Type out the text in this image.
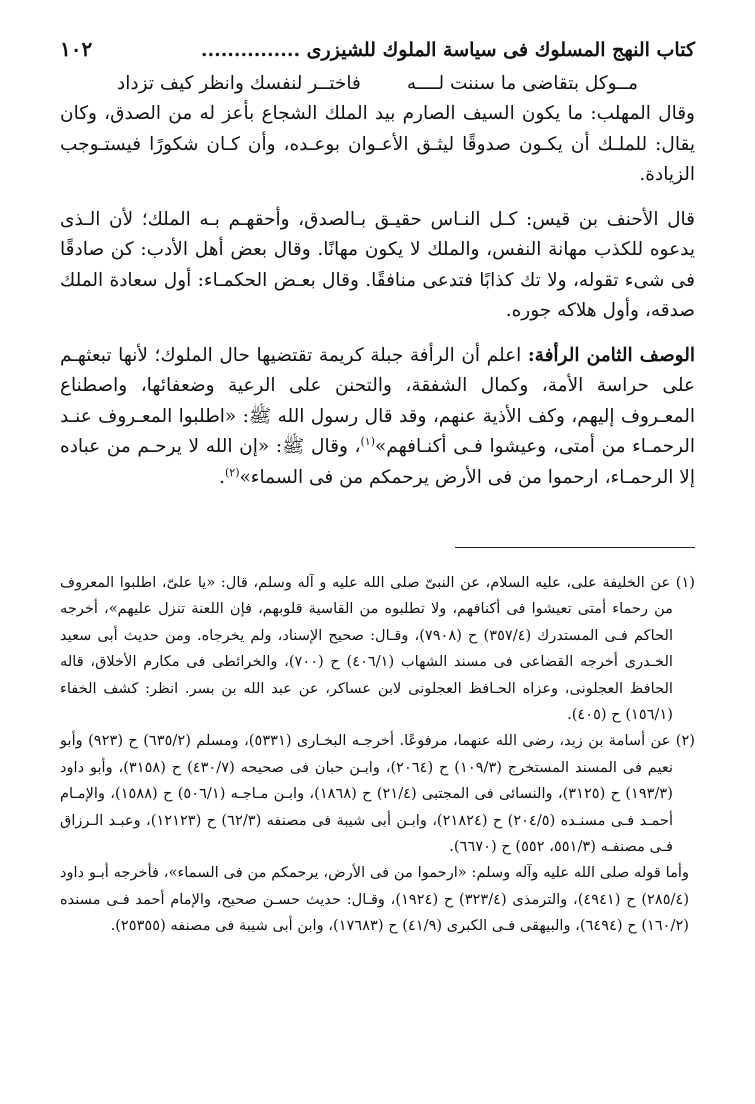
كتاب النهج المسلوك فى سياسة الملوك للشيزرى ...............
١٠٢
مــوكل بتقاضى ما سننت لــــه
فاختــر لنفسك وانظر كيف تزداد

وقال المهلب: ما يكون السيف الصارم بيد الملك الشجاع بأعز له من الصدق، وكان يقال: للملـك أن يكـون صدوقًا ليثـق الأعـوان بوعـده، وأن كـان شكورًا فيستـوجب الزيادة.

قال الأحنف بن قيس: كـل النـاس حقيـق بـالصدق، وأحقهـم بـه الملك؛ لأن الـذى يدعوه للكذب مهانة النفس، والملك لا يكون مهانًا. وقال بعض أهل الأدب: كن صادقًا فى شىء تقوله، ولا تك كذابًا فتدعى منافقًا. وقال بعـض الحكمـاء: أول سعادة الملك صدقه، وأول هلاكه جوره.

الوصف الثامن الرأفة: اعلم أن الرأفة جبلة كريمة تقتضيها حال الملوك؛ لأنها تبعثهـم على حراسة الأمة، وكمال الشفقة، والتحنن على الرعية وضعفائها، واصطناع المعـروف إليهم، وكف الأذية عنهم، وقد قال رسول الله ﷺ: «اطلبوا المعـروف عنـد الرحمـاء من أمتى، وعيشوا فـى أكنـافهم»$^{(١)}$، وقال ﷺ: «إن الله لا يرحـم من عباده إلا الرحمـاء، ارحموا من فى الأرض يرحمكم من فى السماء»$^{(٢)}$.

(١) عن الخليفة على، عليه السلام، عن النبىّ صلى الله عليه و آله وسلم، قال: «يا علىّ، اطلبوا المعروف من رحماء أمتى تعيشوا فى أكنافهم، ولا تطلبوه من القاسية قلوبهم، فإن اللعنة تنزل عليهم»، أخرجه الحاكم فـى المستدرك (٣٥٧/٤) ح (٧٩٠٨)، وقـال: صحيح الإسناد، ولم يخرجاه. ومن حديث أبى سعيد الخـدرى أخرجه القضاعى فى مسند الشهاب (٤٠٦/١) ح (٧٠٠)، والخرائطى فى مكارم الأخلاق، قاله الحافظ العجلونى، وعزاه الحـافظ العجلونى لابن عساكر، عن عبد الله بن بسر. انظر: كشف الخفاء (١٥٦/١) ح (٤٠٥).

(٢) عن أسامة بن زيد، رضى الله عنهما، مرفوعًا. أخرجـه البخـارى (٥٣٣١)، ومسلم (٦٣٥/٢) ح (٩٢٣) وأبو نعيم فى المسند المستخرج (١٠٩/٣) ح (٢٠٦٤)، وابـن حبان فى صحيحه (٤٣٠/٧) ح (٣١٥٨)، وأبو داود (١٩٣/٣) ح (٣١٢٥)، والنسائى فى المجتبى (٢١/٤) ح (١٨٦٨)، وابـن مـاجـه (٥٠٦/١) ح (١٥٨٨)، والإمـام أحمـد فـى مسنـده (٢٠٤/٥) ح (٢١٨٢٤)، وابـن أبى شيبة فى مصنفه (٦٢/٣) ح (١٢١٢٣)، وعبـد الـرزاق فـى مصنفـه (٥٥١/٣، ٥٥٢) ح (٦٦٧٠).

وأما قوله صلى الله عليه وآله وسلم: «ارحموا من فى الأرض، يرحمكم من فى السماء»، فأخرجه أبـو داود (٢٨٥/٤) ح (٤٩٤١)، والترمذى (٣٢٣/٤) ح (١٩٢٤)، وقـال: حديث حسـن صحيح، والإمام أحمد فـى مسنده (١٦٠/٢) ح (٦٤٩٤)، والبيهقى فـى الكبرى (٤١/٩) ح (١٧٦٨٣)، وابن أبى شيبة فى مصنفه (٢٥٣٥٥).
